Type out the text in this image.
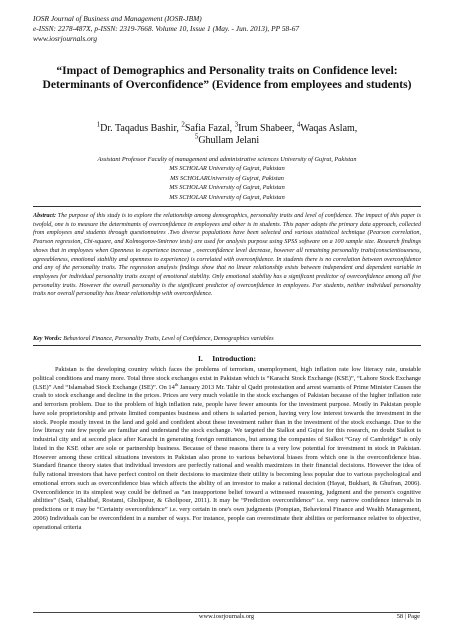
IOSR Journal of Business and Management (IOSR-JBM)
e-ISSN: 2278-487X, p-ISSN: 2319-7668. Volume 10, Issue 1 (May. - Jun. 2013), PP 58-67
www.iosrjournals.org
“Impact of Demographics and Personality traits on Confidence level: Determinants of Overconfidence” (Evidence from employees and students)
$^1$Dr. Taqadus Bashir, $^2$Safia Fazal, $^3$Irum Shabeer, $^4$Waqas Aslam,
$^5$Ghullam Jelani
Assistant Professor Faculty of management and administrative sciences University of Gujrat, Pakistan
MS SCHOLAR University of Gujrat, Pakistan
MS SCHOLARUniversity of Gujrat, Pakistan
MS SCHOLAR University of Gujrat, Pakistan
MS SCHOLAR University of Gujrat, Pakistan

Abstract: The purpose of this study is to explore the relationship among demographics, personality traits and level of confidence. The impact of this paper is twofold, one is to measure the determinants of overconfidence in employees and other is in students. This paper adopts the primary data approach, collected from employees and students through questionnaires .Two diverse populations have been selected and various statistical technique (Pearson correlation, Pearson regression, Chi-square, and Kolmogorov-Smirnov tests) are used for analysis purpose using SPSS software on a 100 sample size. Research findings shows that in employees when Openness to experience increase , overconfidence level decrease, however all remaining personality traits(conscientiousness, agreeableness, emotional stability and openness to experience) is correlated with overconfidence. In students there is no correlation between overconfidence and any of the personality traits. The regression analysis findings show that no linear relationship exists between independent and dependent variable in employees for individual personality traits except of emotional stability. Only emotional stability has a significant predictor of overconfidence among all five personality traits. However the overall personality is the significant predictor of overconfidence in employees. For students, neither individual personality traits nor overall personality has linear relationship with overconfidence.

Key Words: Behavioral Finance, Personality Traits, Level of Confidence, Demographics variables
I. Introduction:

Pakistan is the developing country which faces the problems of terrorism, unemployment, high inflation rate low literacy rate, unstable political conditions and many more. Total three stock exchanges exist in Pakistan which is “Karachi Stock Exchange (KSE)”, “Lahore Stock Exchange (LSE)” And “Islamabad Stock Exchange (ISE)”. On 14th January 2013 Mr. Tahir ul Qadri protestation and arrest warrants of Prime Minister Causes the crash to stock exchange and decline in the prices. Prices are very much volatile in the stock exchanges of Pakistan because of the higher inflation rate and terrorism problem. Due to the problem of high inflation rate, people have fewer amounts for the investment purpose. Mostly in Pakistan people have sole proprietorship and private limited companies business and others is salaried person, having very low interest towards the investment in the stock. People mostly invest in the land and gold and confident about these investment rather than in the investment of the stock exchange. Due to the low literacy rate few people are familiar and understand the stock exchange. We targeted the Sialkot and Gujrat for this research, no doubt Sialkot is industrial city and at second place after Karachi in generating foreign remittances, but among the companies of Sialkot “Gray of Cambridge” is only listed in the KSE other are sole or partnership business. Because of these reasons there is a very low potential for investment in stock in Pakistan. However among these critical situations investors in Pakistan also prone to various behavioral biases from which one is the overconfidence bias. Standard finance theory states that individual investors are perfectly rational and wealth maximizes in their financial decisions. However the idea of fully rational investors that have perfect control on their decisions to maximize their utility is becoming less popular due to various psychological and emotional errors such as overconfidence bias which affects the ability of an investor to make a rational decision (Hayat, Bukhari, & Ghufran, 2006). Overconfidence in its simplest way could be defined as “an insupportone belief toward a witnessed reasoning, judgment and the person's cognitive abilities” (Sadi, Ghalibaf, Rostami, Gholipour, & Gholipour, 2011). It may be “Prediction overconfidence” i.e. very narrow confidence intervals in predictions or it may be “Certainty overconfidence” i.e. very certain in one's own judgments (Pompian, Behavioral Finance and Wealth Management, 2006) Individuals can be overconfident in a number of ways. For instance, people can overestimate their abilities or performance relative to objective, operational criteria

www.iosrjournals.org	58 | Page
